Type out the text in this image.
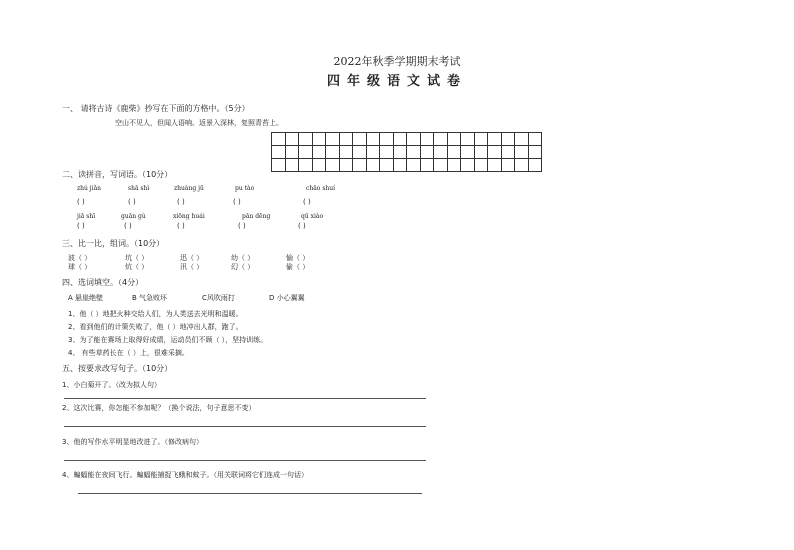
2022年秋季学期期末考试
四年级语文试卷
一、 请将古诗《鹿柴》抄写在下面的方格中。（5分）
空山不见人，但闻人语响。返景入深林，复照青苔上。

二、读拼音，写词语。（10分）
zhú jiǎn	shā shì	zhuàng jū	pu tào	chāo shuí
( )	( )	( )	( )	( )
jiā shī	guān gù	xiōng huái	pān dēng	qū xiào
( )	( )	( )	( )	( )
三、比一比，组词。（10分）
波（ ）	坑（ ）	迅（ ）	幼（ ）	愉（ ）
球（ ）	炕（ ）	汛（ ）	幻（ ）	偷（ ）
四、选词填空。（4分）
A 悬崖绝壁	B 气急败坏	C风吹雨打	D 小心翼翼
1、他（ ）地把火种交给人们，为人类送去光明和温暖。
2、看到他们的计策失败了，他（ ）地冲出人群，跑了。
3、为了能在赛场上取得好成绩，运动员们不顾（ ），坚持训练。
4、 有些草药长在（ ）上，很难采摘。
五、按要求改写句子。（10分）
1、小白菊开了。（改为拟人句）
2、这次比赛，你怎能不参加呢？（换个说法，句子意思不变）
3、他的写作水平明显地改进了。（修改病句）
4、蝙蝠能在夜间飞行。蝙蝠能捕捉飞蛾和蚊子。（用关联词将它们连成一句话）
